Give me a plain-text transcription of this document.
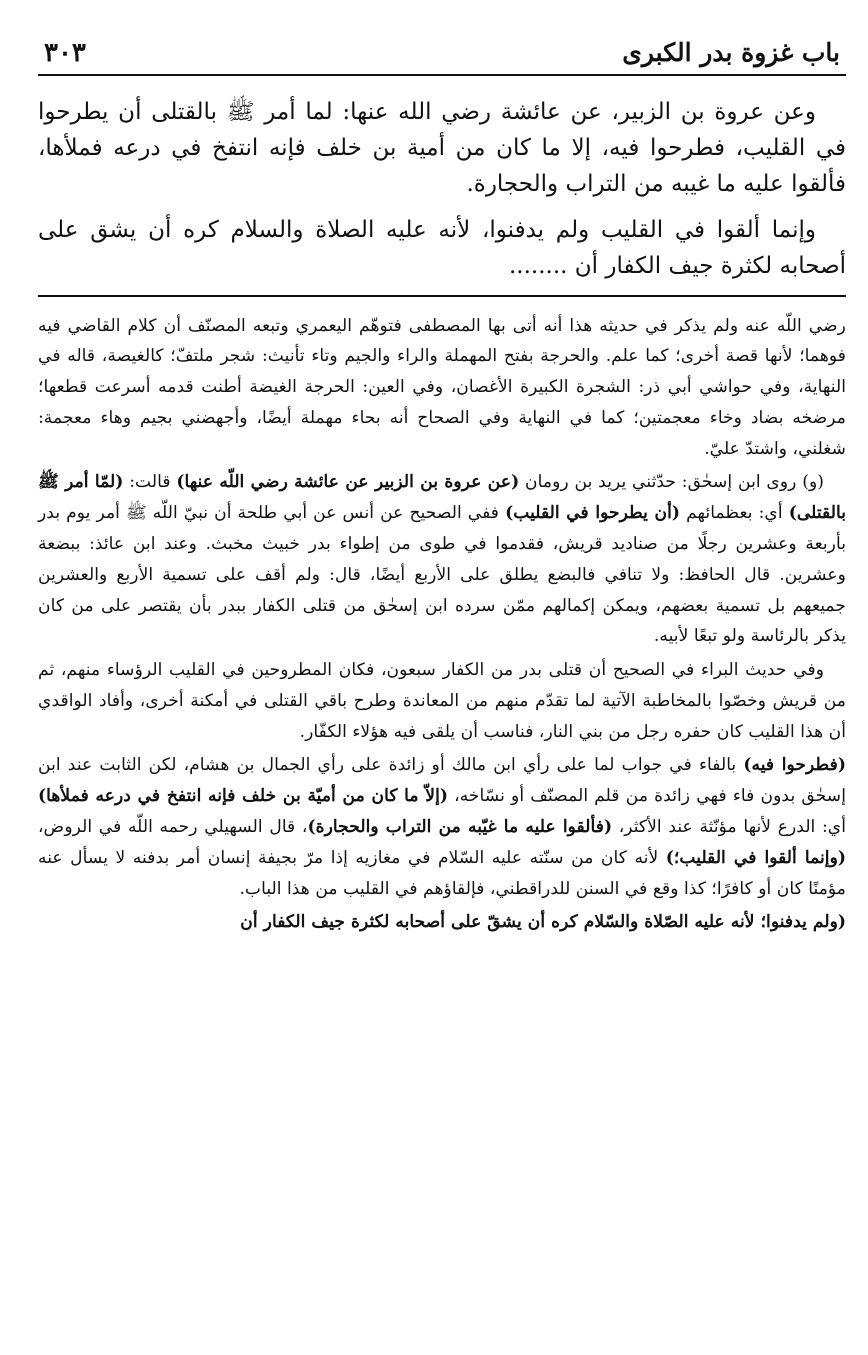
باب غزوة بدر الكبرى
٣٠٣

وعن عروة بن الزبير، عن عائشة رضي الله عنها: لما أمر ﷺ بالقتلى أن يطرحوا في القليب، فطرحوا فيه، إلا ما كان من أمية بن خلف فإنه انتفخ في درعه فملأها، فألقوا عليه ما غيبه من التراب والحجارة.

وإنما ألقوا في القليب ولم يدفنوا، لأنه عليه الصلاة والسلام كره أن يشق على أصحابه لكثرة جيف الكفار أن ........

رضي اللّه عنه ولم يذكر في حديثه هذا أنه أتى بها المصطفى فتوهّم اليعمري وتبعه المصنّف أن كلام القاضي فيه فوهما؛ لأنها قصة أخرى؛ كما علم. والحرجة بفتح المهملة والراء والجيم وتاء تأنيث: شجر ملتفّ؛ كالغيصة، قاله في النهاية، وفي حواشي أبي ذر: الشجرة الكبيرة الأغصان، وفي العين: الحرجة الغيضة أطنت قدمه أسرعت قطعها؛ مرضخه بضاد وخاء معجمتين؛ كما في النهاية وفي الصحاح أنه بحاء مهملة أيضًا، وأجهضني بجيم وهاء معجمة: شغلني، واشتدّ عليّ.

(و) روى ابن إسحٰق: حدّثني يريد بن رومان (عن عروة بن الزبير عن عائشة رضي اللّه عنها) قالت: (لمّا أمر ﷺ بالقتلى) أي: بعظمائهم (أن يطرحوا في القليب) ففي الصحيح عن أنس عن أبي طلحة أن نبيّ اللّه ﷺ أمر يوم بدر بأربعة وعشرين رجلًا من صناديد قريش، فقدموا في طوى من إطواء بدر خبيث مخبث. وعند ابن عائذ: ببضعة وعشرين. قال الحافظ: ولا تنافي فالبضع يطلق على الأربع أيضًا، قال: ولم أقف على تسمية الأربع والعشرين جميعهم بل تسمية بعضهم، ويمكن إكمالهم ممّن سرده ابن إسحٰق من قتلى الكفار ببدر بأن يقتصر على من كان يذكر بالرئاسة ولو تبعًا لأبيه.

وفي حديث البراء في الصحيح أن قتلى بدر من الكفار سبعون، فكان المطروحين في القليب الرؤساء منهم، ثم من قريش وخصّوا بالمخاطبة الآتية لما تقدّم منهم من المعاندة وطرح باقي القتلى في أمكنة أخرى، وأفاد الواقدي أن هذا القليب كان حفره رجل من بني النار، فناسب أن يلقى فيه هؤلاء الكفّار.

(فطرحوا فيه) بالفاء في جواب لما على رأي ابن مالك أو زائدة على رأي الجمال بن هشام، لكن الثابت عند ابن إسحٰق بدون فاء فهي زائدة من قلم المصنّف أو نسّاخه، (إلاّ ما كان من أميّة بن خلف فإنه انتفخ في درعه فملأها) أي: الدرع لأنها مؤنّثة عند الأكثر، (فألقوا عليه ما غيّبه من التراب والحجارة)، قال السهيلي رحمه اللّه في الروض، (وإنما ألقوا في القليب؛) لأنه كان من سنّته عليه السّلام في مغازيه إذا مرّ بجيفة إنسان أمر بدفنه لا يسأل عنه مؤمنًا كان أو كافرًا؛ كذا وقع في السنن للدراقطني، فإلقاؤهم في القليب من هذا الباب.

(ولم يدفنوا؛ لأنه عليه الصّلاة والسّلام كره أن يشقّ على أصحابه لكثرة جيف الكفار أن
